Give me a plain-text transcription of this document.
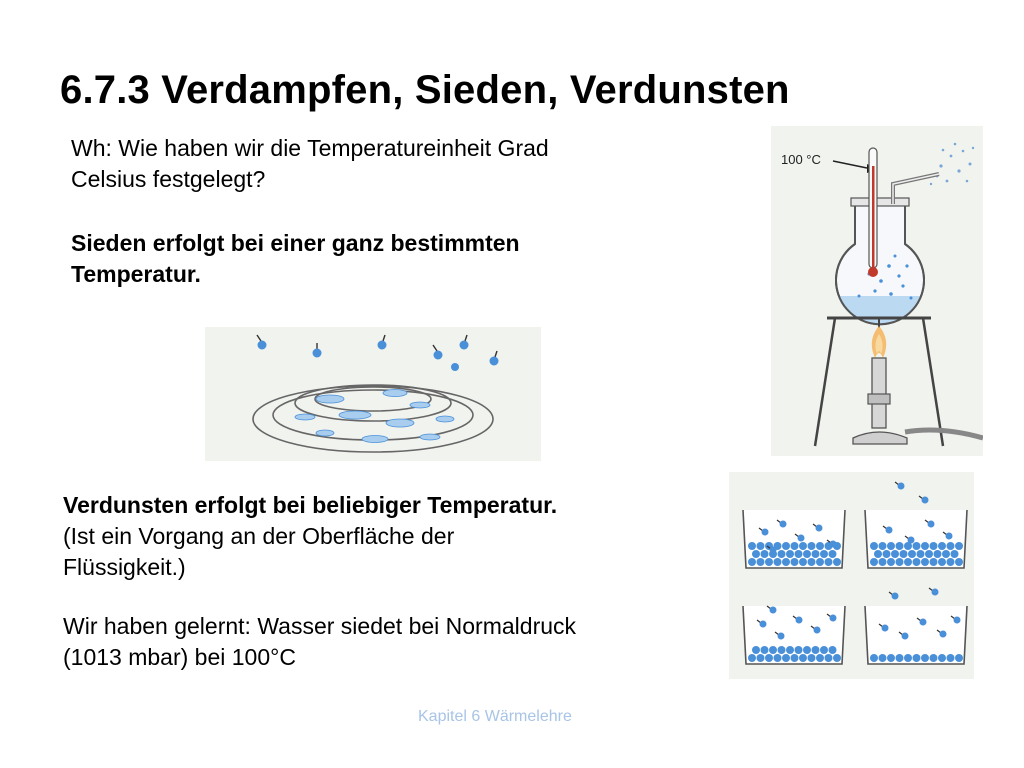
6.7.3 Verdampfen, Sieden, Verdunsten

Wh: Wie haben wir die Temperatureinheit Grad
Celsius festgelegt?

Sieden erfolgt bei einer ganz bestimmten
Temperatur.

Verdunsten erfolgt bei beliebiger Temperatur.
(Ist ein Vorgang an der Oberfläche der
Flüssigkeit.)

Wir haben gelernt: Wasser siedet bei Normaldruck
(1013 mbar) bei 100°C

100 °C
Kapitel 6 Wärmelehre
